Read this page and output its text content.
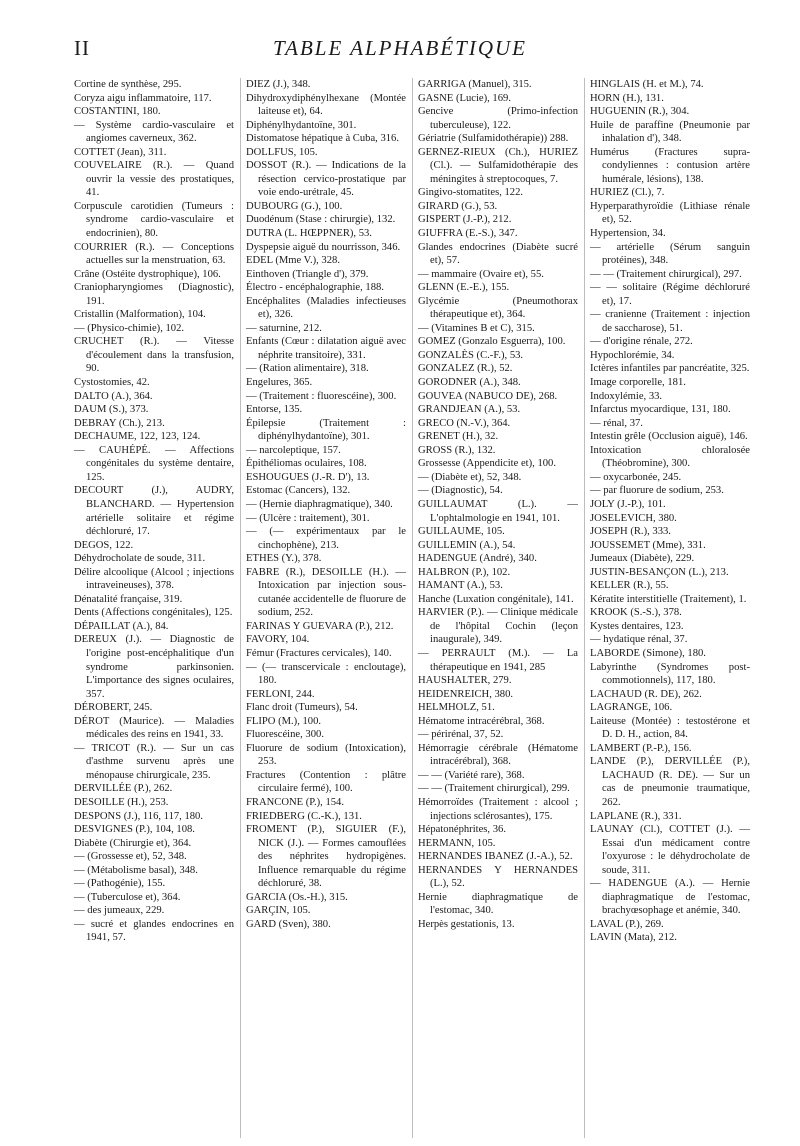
II	TABLE ALPHABÉTIQUE

Cortine de synthèse, 295.

Coryza aigu inflammatoire, 117.

COSTANTINI, 180.

— Système cardio-vasculaire et angiomes caverneux, 362.

COTTET (Jean), 311.

COUVELAIRE (R.). — Quand ouvrir la vessie des prostatiques, 41.

Corpuscule carotidien (Tumeurs : syndrome cardio-vasculaire et endocrinien), 80.

COURRIER (R.). — Conceptions actuelles sur la menstruation, 63.

Crâne (Ostéite dystrophique), 106.

Craniopharyngiomes (Diagnostic), 191.

Cristallin (Malformation), 104.

— (Physico-chimie), 102.

CRUCHET (R.). — Vitesse d'écoulement dans la transfusion, 90.

Cystostomies, 42.

DALTO (A.), 364.

DAUM (S.), 373.

DEBRAY (Ch.), 213.

DECHAUME, 122, 123, 124.

— CAUHÉPÉ. — Affections congénitales du système dentaire, 125.

DECOURT (J.), AUDRY, BLANCHARD. — Hypertension artérielle solitaire et régime déchloruré, 17.

DEGOS, 122.

Déhydrocholate de soude, 311.

Délire alcoolique (Alcool ; injections intraveineuses), 378.

Dénatalité française, 319.

Dents (Affections congénitales), 125.

DÉPAILLAT (A.), 84.

DEREUX (J.). — Diagnostic de l'origine post-encéphalitique d'un syndrome parkinsonien. L'importance des signes oculaires, 357.

DÉROBERT, 245.

DÉROT (Maurice). — Maladies médicales des reins en 1941, 33.

— TRICOT (R.). — Sur un cas d'asthme survenu après une ménopause chirurgicale, 235.

DERVILLÉE (P.), 262.

DESOILLE (H.), 253.

DESPONS (J.), 116, 117, 180.

DESVIGNES (P.), 104, 108.

Diabète (Chirurgie et), 364.

— (Grossesse et), 52, 348.

— (Métabolisme basal), 348.

— (Pathogénie), 155.

— (Tuberculose et), 364.

— des jumeaux, 229.

— sucré et glandes endocrines en 1941, 57.

DIEZ (J.), 348.

Dihydroxydiphénylhexane (Montée laiteuse et), 64.

Diphénylhydantoïne, 301.

Distomatose hépatique à Cuba, 316.

DOLLFUS, 105.

DOSSOT (R.). — Indications de la résection cervico-prostatique par voie endo-urétrale, 45.

DUBOURG (G.), 100.

Duodénum (Stase : chirurgie), 132.

DUTRA (L. HŒPPNER), 53.

Dyspepsie aiguë du nourrisson, 346.

EDEL (Mme V.), 328.

Einthoven (Triangle d'), 379.

Électro - encéphalographie, 188.

Encéphalites (Maladies infectieuses et), 326.

— saturnine, 212.

Enfants (Cœur : dilatation aiguë avec néphrite transitoire), 331.

— (Ration alimentaire), 318.

Engelures, 365.

— (Traitement : fluorescéine), 300.

Entorse, 135.

Épilepsie (Traitement : diphénylhydantoïne), 301.

— narcoleptique, 157.

Épithéliomas oculaires, 108.

ESHOUGUES (J.-R. D'), 13.

Estomac (Cancers), 132.

— (Hernie diaphragmatique), 340.

— (Ulcère : traitement), 301.

— (— expérimentaux par le cinchophène), 213.

ETHES (Y.), 378.

FABRE (R.), DESOILLE (H.). — Intoxication par injection sous-cutanée accidentelle de fluorure de sodium, 252.

FARINAS Y GUEVARA (P.), 212.

FAVORY, 104.

Fémur (Fractures cervicales), 140.

— (— transcervicale : encloutage), 180.

FERLONI, 244.

Flanc droit (Tumeurs), 54.

FLIPO (M.), 100.

Fluorescéine, 300.

Fluorure de sodium (Intoxication), 253.

Fractures (Contention : plâtre circulaire fermé), 100.

FRANCONE (P.), 154.

FRIEDBERG (C.-K.), 131.

FROMENT (P.), SIGUIER (F.), NICK (J.). — Formes camouflées des néphrites hydropigènes. Influence remarquable du régime déchloruré, 38.

GARCIA (Os.-H.), 315.

GARÇIN, 105.

GARD (Sven), 380.

GARRIGA (Manuel), 315.

GASNE (Lucie), 169.

Gencive (Primo-infection tuberculeuse), 122.

Gériatrie (Sulfamidothérapie)) 288.

GERNEZ-RIEUX (Ch.), HURIEZ (Cl.). — Sulfamidothérapie des méningites à streptocoques, 7.

Gingivo-stomatites, 122.

GIRARD (G.), 53.

GISPERT (J.-P.), 212.

GIUFFRA (E.-S.), 347.

Glandes endocrines (Diabète sucré et), 57.

— mammaire (Ovaire et), 55.

GLENN (E.-E.), 155.

Glycémie (Pneumothorax thérapeutique et), 364.

— (Vitamines B et C), 315.

GOMEZ (Gonzalo Esguerra), 100.

GONZALÈS (C.-F.), 53.

GONZALEZ (R.), 52.

GORODNER (A.), 348.

GOUVEA (NABUCO DE), 268.

GRANDJEAN (A.), 53.

GRECO (N.-V.), 364.

GRENET (H.), 32.

GROSS (R.), 132.

Grossesse (Appendicite et), 100.

— (Diabète et), 52, 348.

— (Diagnostic), 54.

GUILLAUMAT (L.). — L'ophtalmologie en 1941, 101.

GUILLAUME, 105.

GUILLEMIN (A.), 54.

HADENGUE (André), 340.

HALBRON (P.), 102.

HAMANT (A.), 53.

Hanche (Luxation congénitale), 141.

HARVIER (P.). — Clinique médicale de l'hôpital Cochin (leçon inaugurale), 349.

— PERRAULT (M.). — La thérapeutique en 1941, 285

HAUSHALTER, 279.

HEIDENREICH, 380.

HELMHOLZ, 51.

Hématome intracérébral, 368.

— périrénal, 37, 52.

Hémorragie cérébrale (Hématome intracérébral), 368.

— — (Variété rare), 368.

— — (Traitement chirurgical), 299.

Hémorroïdes (Traitement : alcool ; injections sclérosantes), 175.

Hépatonéphrites, 36.

HERMANN, 105.

HERNANDES IBANEZ (J.-A.), 52.

HERNANDES Y HERNANDES (L.), 52.

Hernie diaphragmatique de l'estomac, 340.

Herpès gestationis, 13.

HINGLAIS (H. et M.), 74.

HORN (H.), 131.

HUGUENIN (R.), 304.

Huile de paraffine (Pneumonie par inhalation d'), 348.

Humérus (Fractures supra-condyliennes : contusion artère humérale, lésions), 138.

HURIEZ (Cl.), 7.

Hyperparathyroïdie (Lithiase rénale et), 52.

Hypertension, 34.

— artérielle (Sérum sanguin protéines), 348.

— — (Traitement chirurgical), 297.

— — solitaire (Régime déchloruré et), 17.

— cranienne (Traitement : injection de saccharose), 51.

— d'origine rénale, 272.

Hypochlorémie, 34.

Ictères infantiles par pancréatite, 325.

Image corporelle, 181.

Indoxylémie, 33.

Infarctus myocardique, 131, 180.

— rénal, 37.

Intestin grêle (Occlusion aiguë), 146.

Intoxication chloralosée (Théobromine), 300.

— oxycarbonée, 245.

— par fluorure de sodium, 253.

JOLY (J.-P.), 101.

JOSELEVICH, 380.

JOSEPH (R.), 333.

JOUSSEMET (Mme), 331.

Jumeaux (Diabète), 229.

JUSTIN-BESANÇON (L.), 213.

KELLER (R.), 55.

Kératite interstitielle (Traitement), 1.

KROOK (S.-S.), 378.

Kystes dentaires, 123.

— hydatique rénal, 37.

LABORDE (Simone), 180.

Labyrinthe (Syndromes post-commotionnels), 117, 180.

LACHAUD (R. DE), 262.

LAGRANGE, 106.

Laiteuse (Montée) : testostérone et D. D. H., action, 84.

LAMBERT (P.-P.), 156.

LANDE (P.), DERVILLÉE (P.), LACHAUD (R. DE). — Sur un cas de pneumonie traumatique, 262.

LAPLANE (R.), 331.

LAUNAY (Cl.), COTTET (J.). — Essai d'un médicament contre l'oxyurose : le déhydrocholate de soude, 311.

— HADENGUE (A.). — Hernie diaphragmatique de l'estomac, brachyœsophage et anémie, 340.

LAVAL (P.), 269.

LAVIN (Mata), 212.
